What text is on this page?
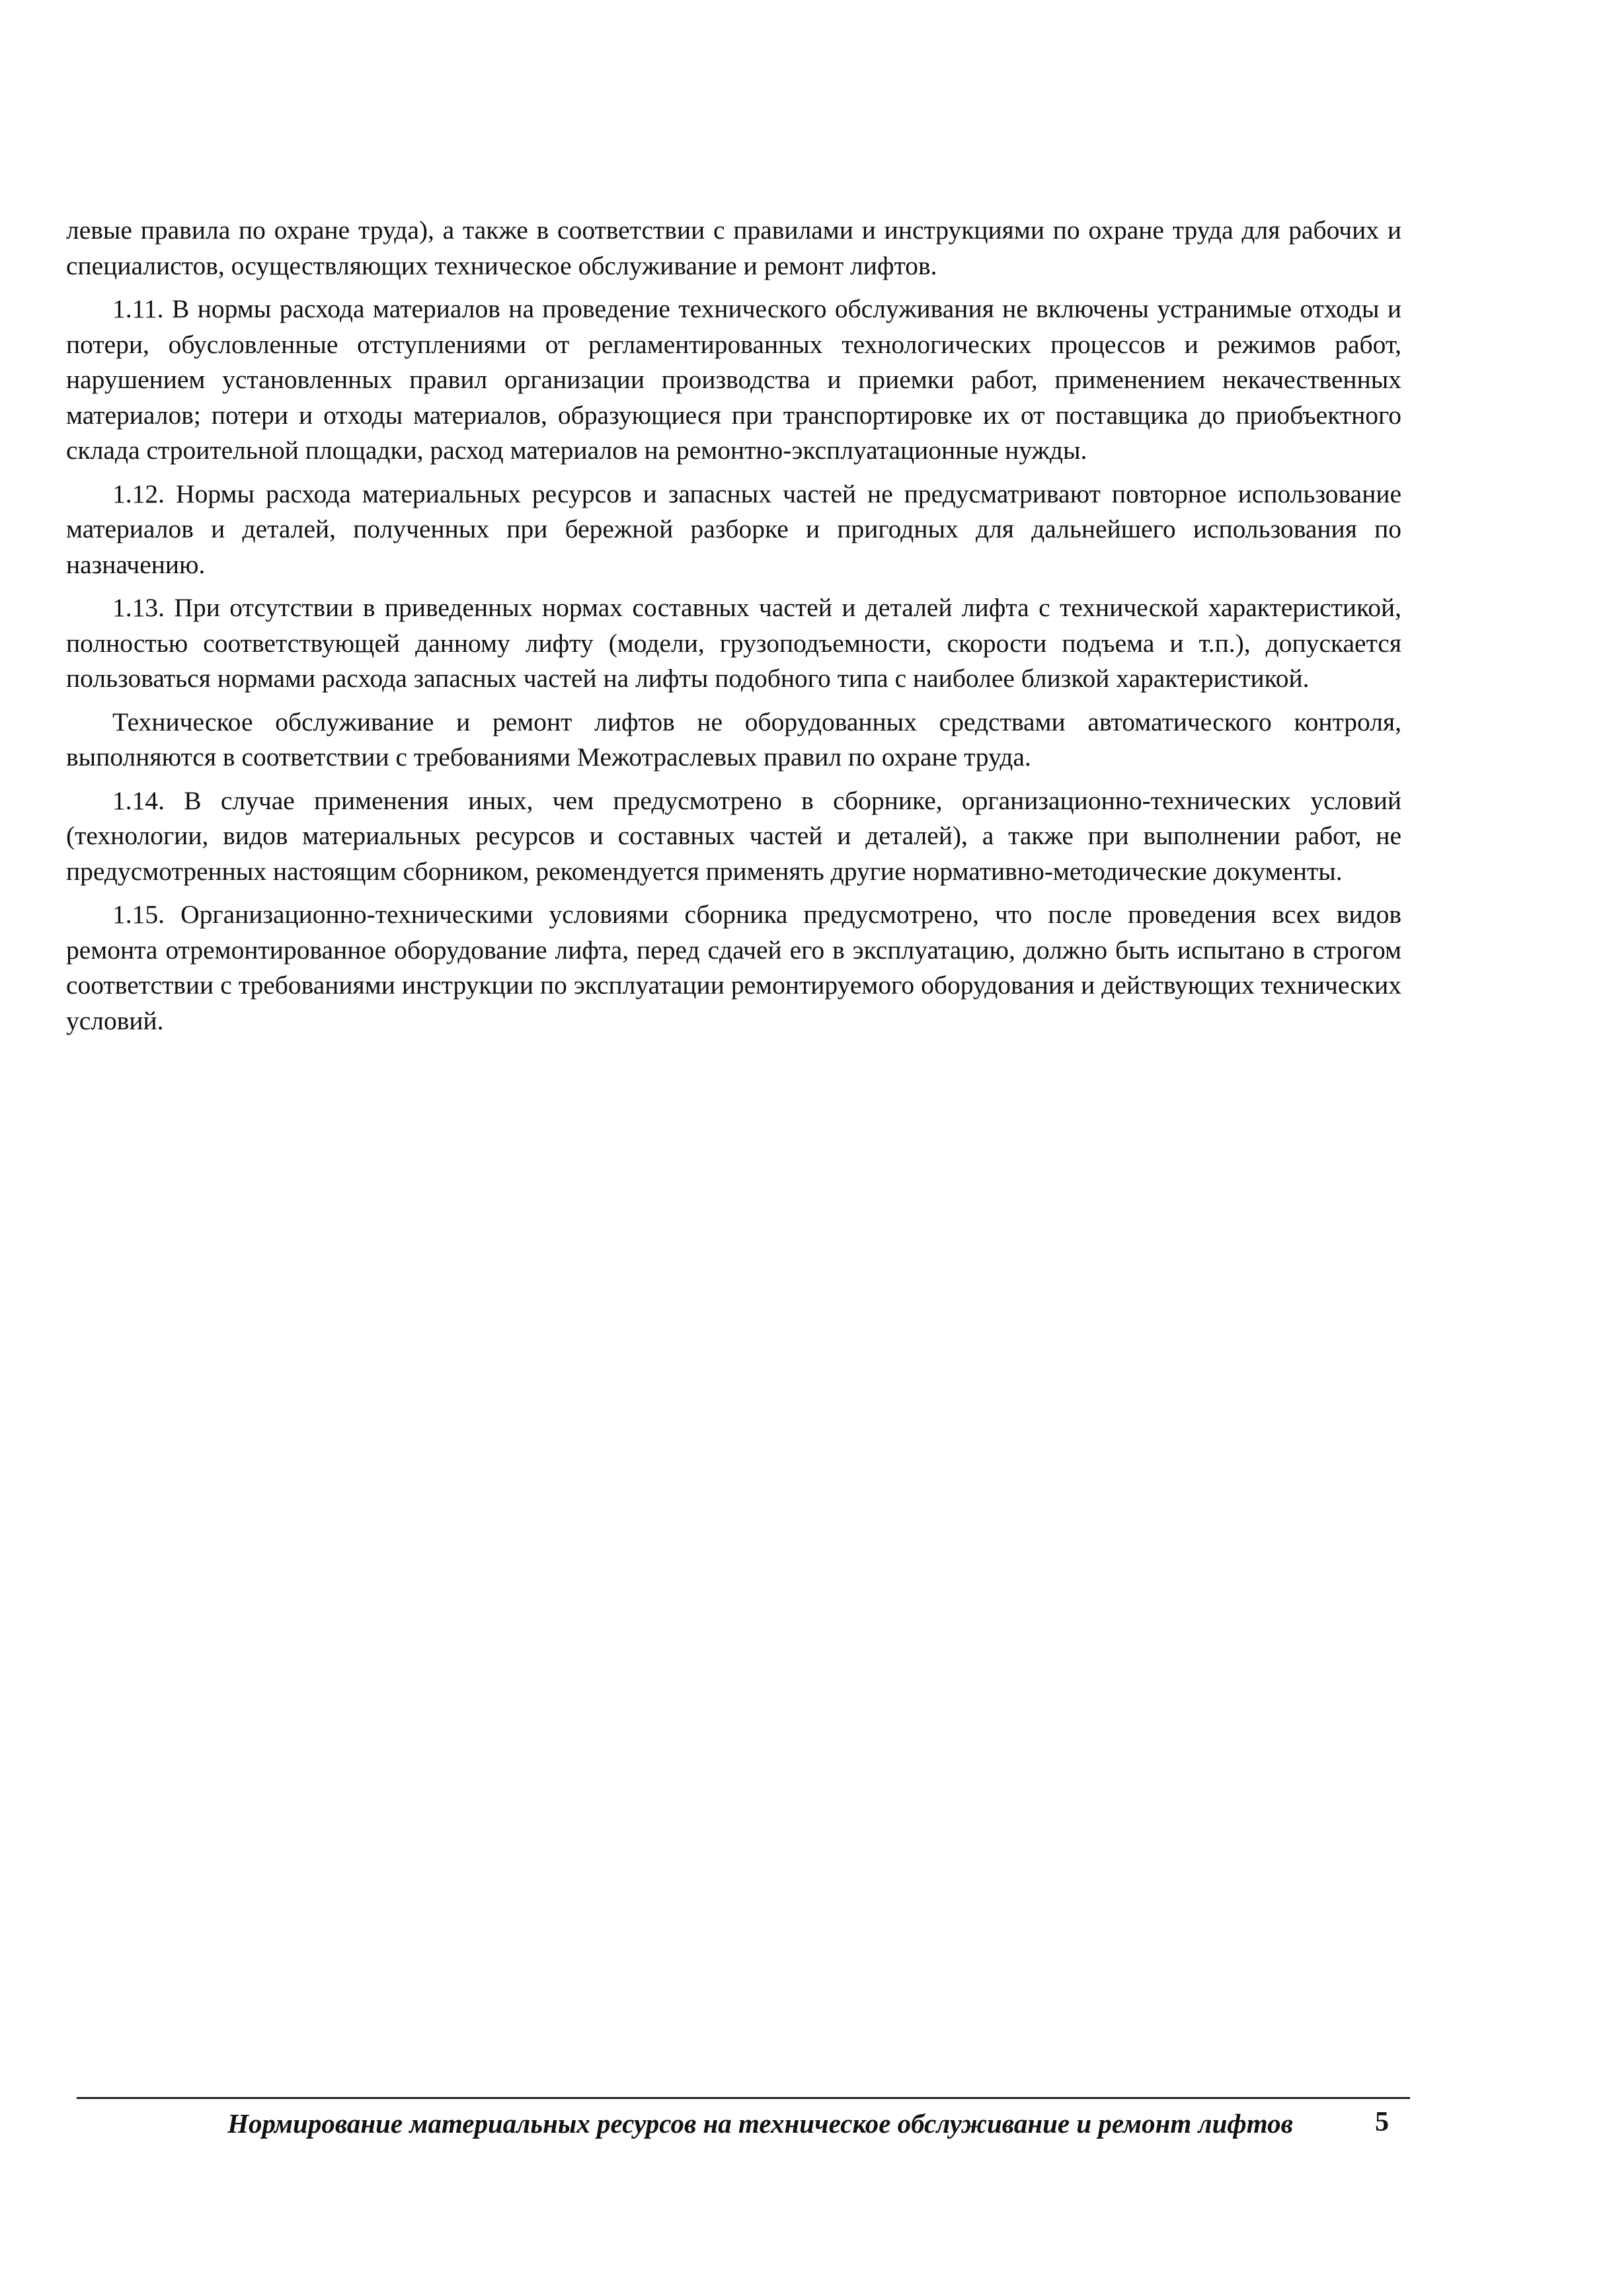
левые правила по охране труда), а также в соответствии с правилами и инструкциями по охране труда для рабочих и специалистов, осуществляющих техническое обслуживание и ремонт лифтов.

1.11. В нормы расхода материалов на проведение технического обслуживания не включены устранимые отходы и потери, обусловленные отступлениями от регламентированных технологических процессов и режимов работ, нарушением установленных правил организации производства и приемки работ, применением некачественных материалов; потери и отходы материалов, образующиеся при транспортировке их от поставщика до приобъектного склада строительной площадки, расход материалов на ремонтно-эксплуатационные нужды.

1.12. Нормы расхода материальных ресурсов и запасных частей не предусматривают повторное использование материалов и деталей, полученных при бережной разборке и пригодных для дальнейшего использования по назначению.

1.13. При отсутствии в приведенных нормах составных частей и деталей лифта с технической характеристикой, полностью соответствующей данному лифту (модели, грузоподъемности, скорости подъема и т.п.), допускается пользоваться нормами расхода запасных частей на лифты подобного типа с наиболее близкой характеристикой.

Техническое обслуживание и ремонт лифтов не оборудованных средствами автоматического контроля, выполняются в соответствии с требованиями Межотраслевых правил по охране труда.

1.14. В случае применения иных, чем предусмотрено в сборнике, организационно-технических условий (технологии, видов материальных ресурсов и составных частей и деталей), а также при выполнении работ, не предусмотренных настоящим сборником, рекомендуется применять другие нормативно-методические документы.

1.15. Организационно-техническими условиями сборника предусмотрено, что после проведения всех видов ремонта отремонтированное оборудование лифта, перед сдачей его в эксплуатацию, должно быть испытано в строгом соответствии с требованиями инструкции по эксплуатации ремонтируемого оборудования и действующих технических условий.

Нормирование материальных ресурсов на техническое обслуживание и ремонт лифтов	5
